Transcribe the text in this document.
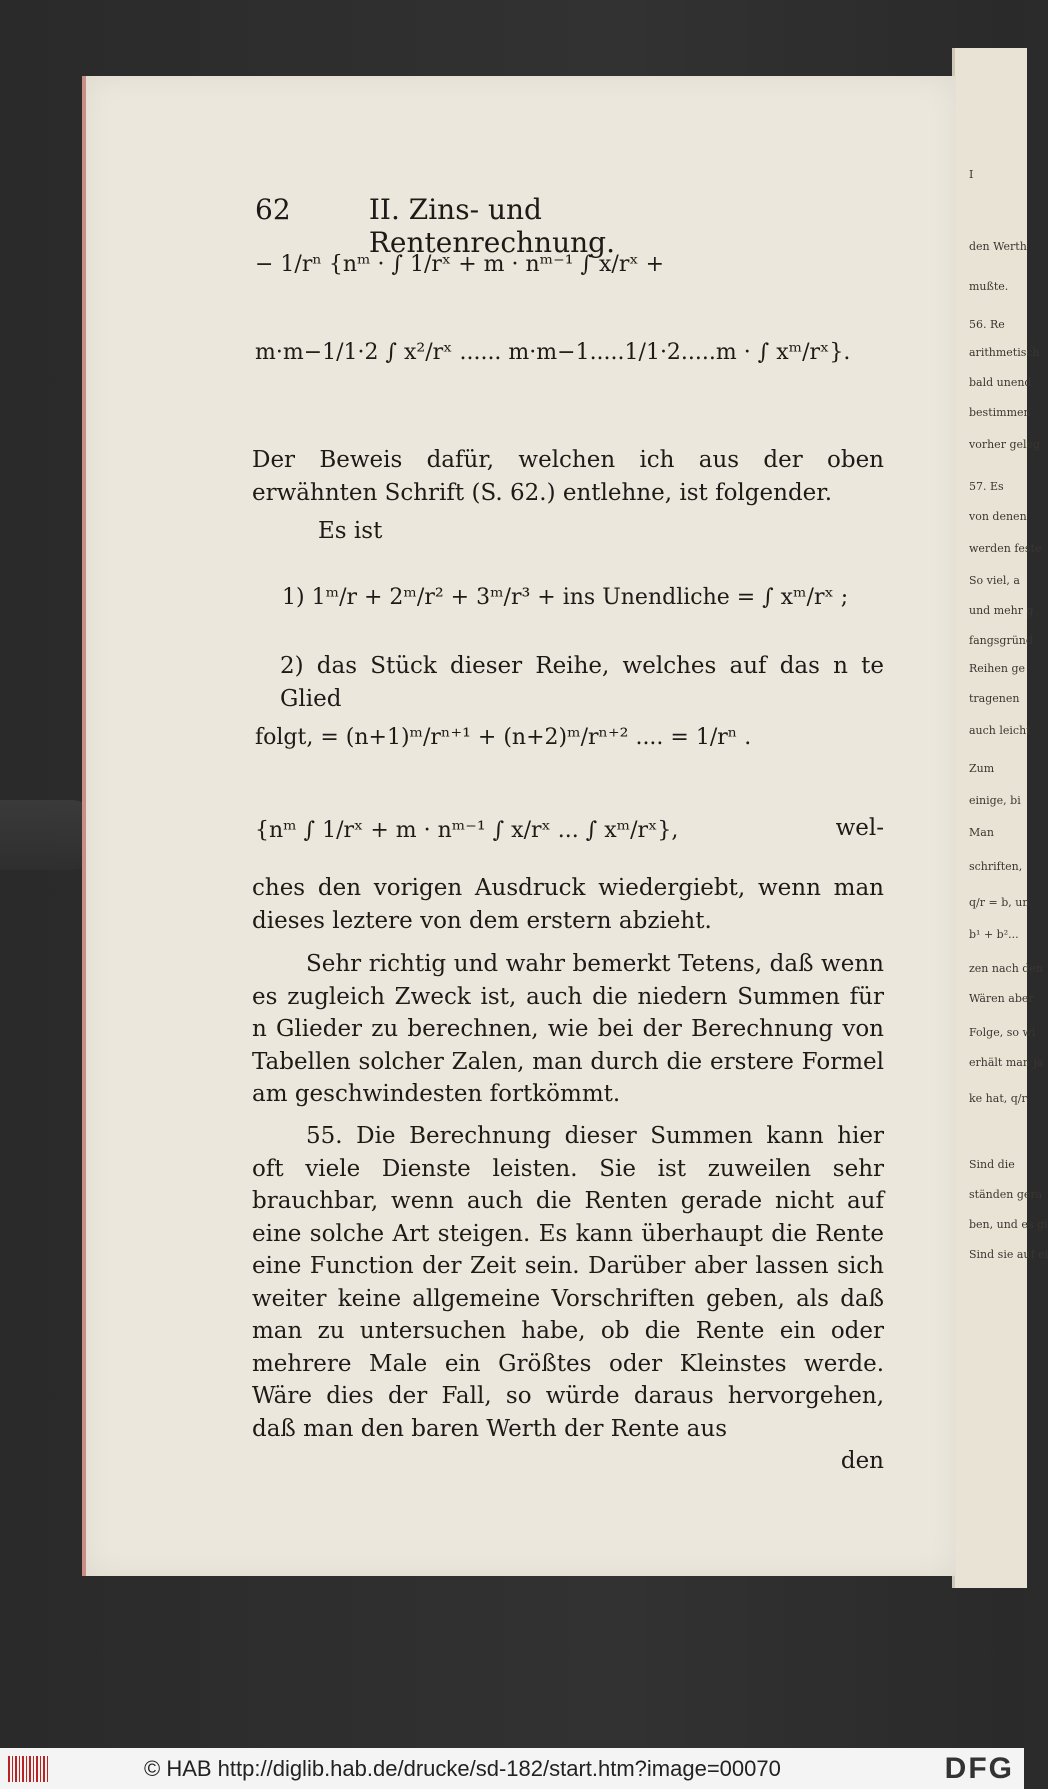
I
den Werth
mußte.
56. Re
arithmetisch
bald unend
bestimmen
vorher geleg
57. Es
von denen
werden feste
So viel, a
und mehr g
fangsgründ
Reihen ge
tragenen
auch leicht
Zum
einige, bi
Man
schriften,
q/r = b, un
b¹ + b²...
zen nach den
Wären aber
Folge, so wi
erhält man ja
ke hat, q/r
Sind die
ständen gera
ben, und es gi
Sind sie auf ei
62	II. Zins- und Rentenrechnung.
− 1/rⁿ {nᵐ · ∫ 1/rˣ + m · nᵐ⁻¹ ∫ x/rˣ +
m·m−1/1·2 ∫ x²/rˣ ...... m·m−1.....1/1·2.....m · ∫ xᵐ/rˣ}.

Der Beweis dafür, welchen ich aus der oben erwähnten Schrift (S. 62.) entlehne, ist folgender.

Es ist

1) 1ᵐ/r + 2ᵐ/r² + 3ᵐ/r³ + ins Unendliche = ∫ xᵐ/rˣ ;

2) das Stück dieser Reihe, welches auf das n te Glied

folgt, = (n+1)ᵐ/rⁿ⁺¹ + (n+2)ᵐ/rⁿ⁺² .... = 1/rⁿ .
{nᵐ ∫ 1/rˣ + m · nᵐ⁻¹ ∫ x/rˣ ... ∫ xᵐ/rˣ},	wel-

ches den vorigen Ausdruck wiedergiebt, wenn man dieses leztere von dem erstern abzieht.

Sehr richtig und wahr bemerkt Tetens, daß wenn es zugleich Zweck ist, auch die niedern Summen für n Glieder zu berechnen, wie bei der Berechnung von Tabellen solcher Zalen, man durch die erstere Formel am geschwindesten fortkömmt.

55. Die Berechnung dieser Summen kann hier oft viele Dienste leisten. Sie ist zuweilen sehr brauchbar, wenn auch die Renten gerade nicht auf eine solche Art steigen. Es kann überhaupt die Rente eine Function der Zeit sein. Darüber aber lassen sich weiter keine allgemeine Vorschriften geben, als daß man zu untersuchen habe, ob die Rente ein oder mehrere Male ein Größtes oder Kleinstes werde. Wäre dies der Fall, so würde daraus hervorgehen, daß man den baren Werth der Rente aus

den

© HAB http://diglib.hab.de/drucke/sd-182/start.htm?image=00070	DFG
